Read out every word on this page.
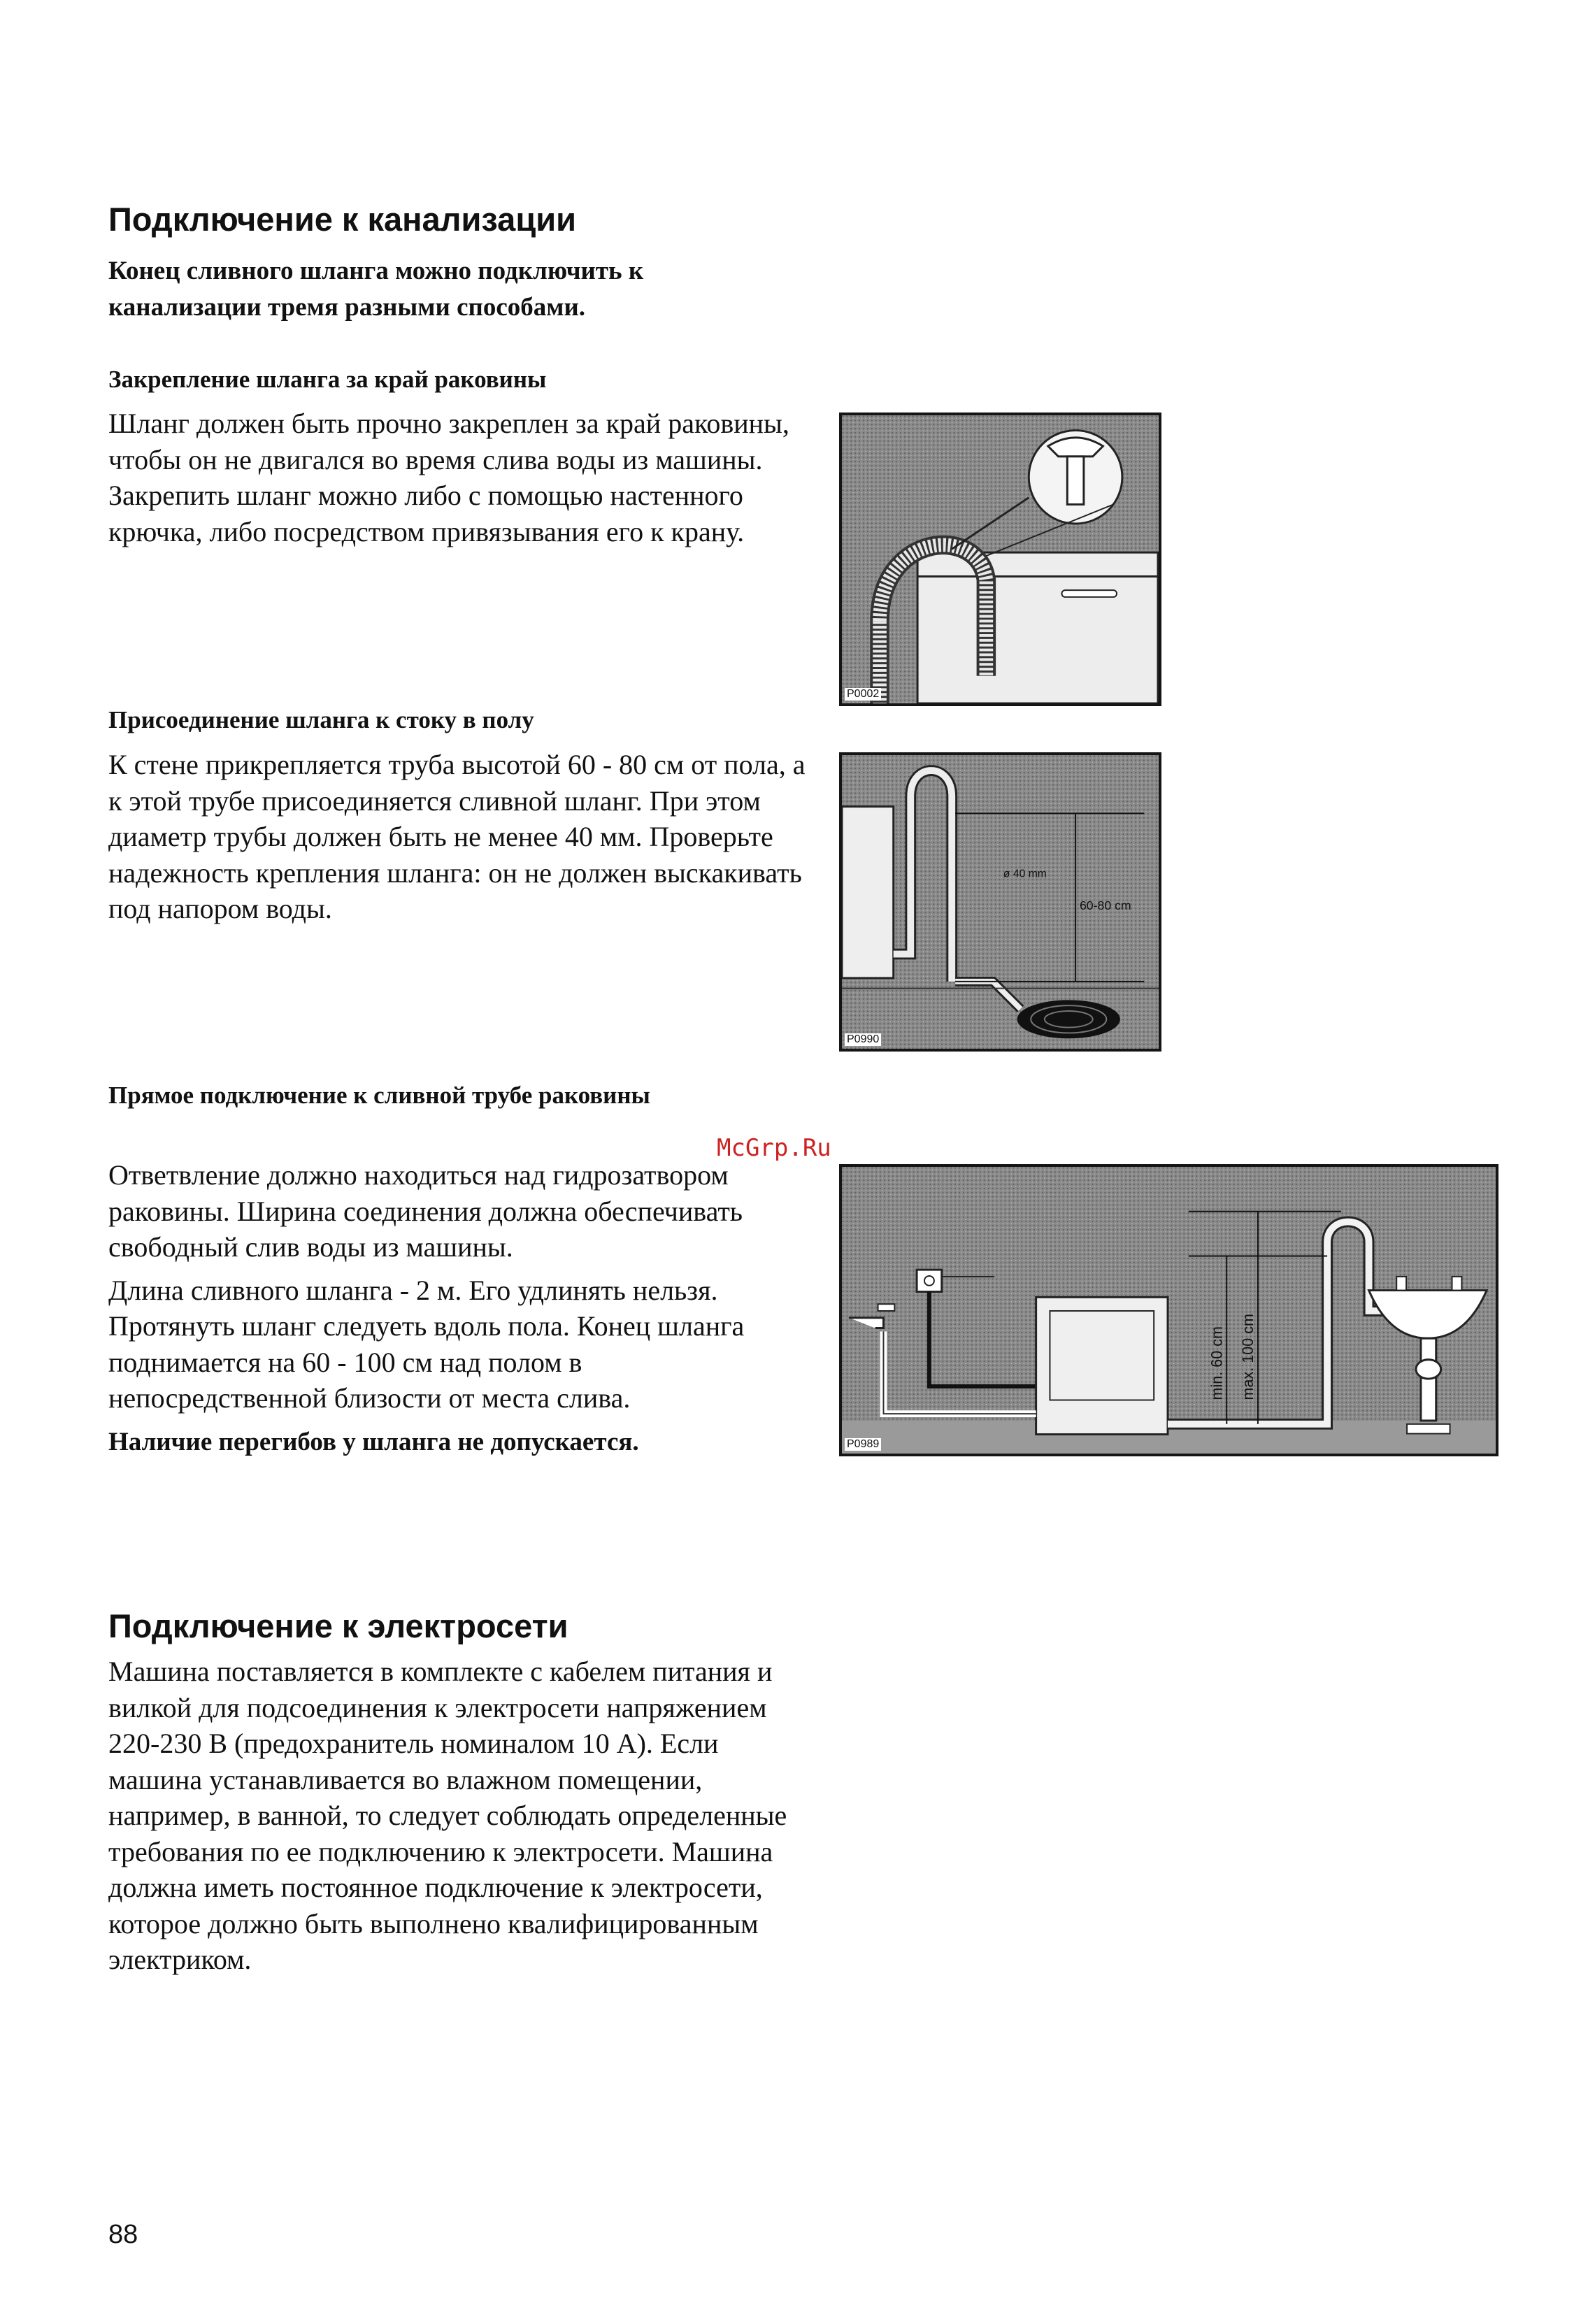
Подключение к канализации
Конец сливного шланга можно подключить к канализации тремя разными способами.
Закрепление шланга за край раковины

Шланг должен быть прочно закреплен за край раковины, чтобы он не двигался во время слива воды из машины. Закрепить шланг можно либо с помощью настенного крючка, либо посредством привязывания его к крану.

P0002
Присоединение шланга к стоку в полу

К стене прикрепляется труба высотой 60 - 80 см от пола, а к этой трубе присоединяется сливной шланг. При этом диаметр трубы должен быть не менее 40 мм. Проверьте надежность крепления шланга: он не должен выскакивать под напором воды.

ø 40 mm
60-80 cm
P0990
Прямое подключение к сливной трубе раковины

Ответвление должно находиться над гидрозатвором раковины. Ширина соединения должна обеспечивать свободный слив воды из машины.

Длина сливного шланга - 2 м. Его удлинять нельзя. Протянуть шланг следуеть вдоль пола. Конец шланга поднимается на 60 - 100 см над полом в непосредственной близости от места слива.

Наличие перегибов у шланга не допускается.
McGrp.Ru
min. 60 cm max. 100 cm
P0989
Подключение к электросети

Машина поставляется в комплекте с кабелем питания и вилкой для подсоединения к электросети напряжением 220-230 В (предохранитель номиналом 10 А). Если машина устанавливается во влажном помещении, например, в ванной, то следует соблюдать определенные требования по ее подключению к электросети. Машина должна иметь постоянное подключение к электросети, которое должно быть выполнено квалифицированным электриком.

88
